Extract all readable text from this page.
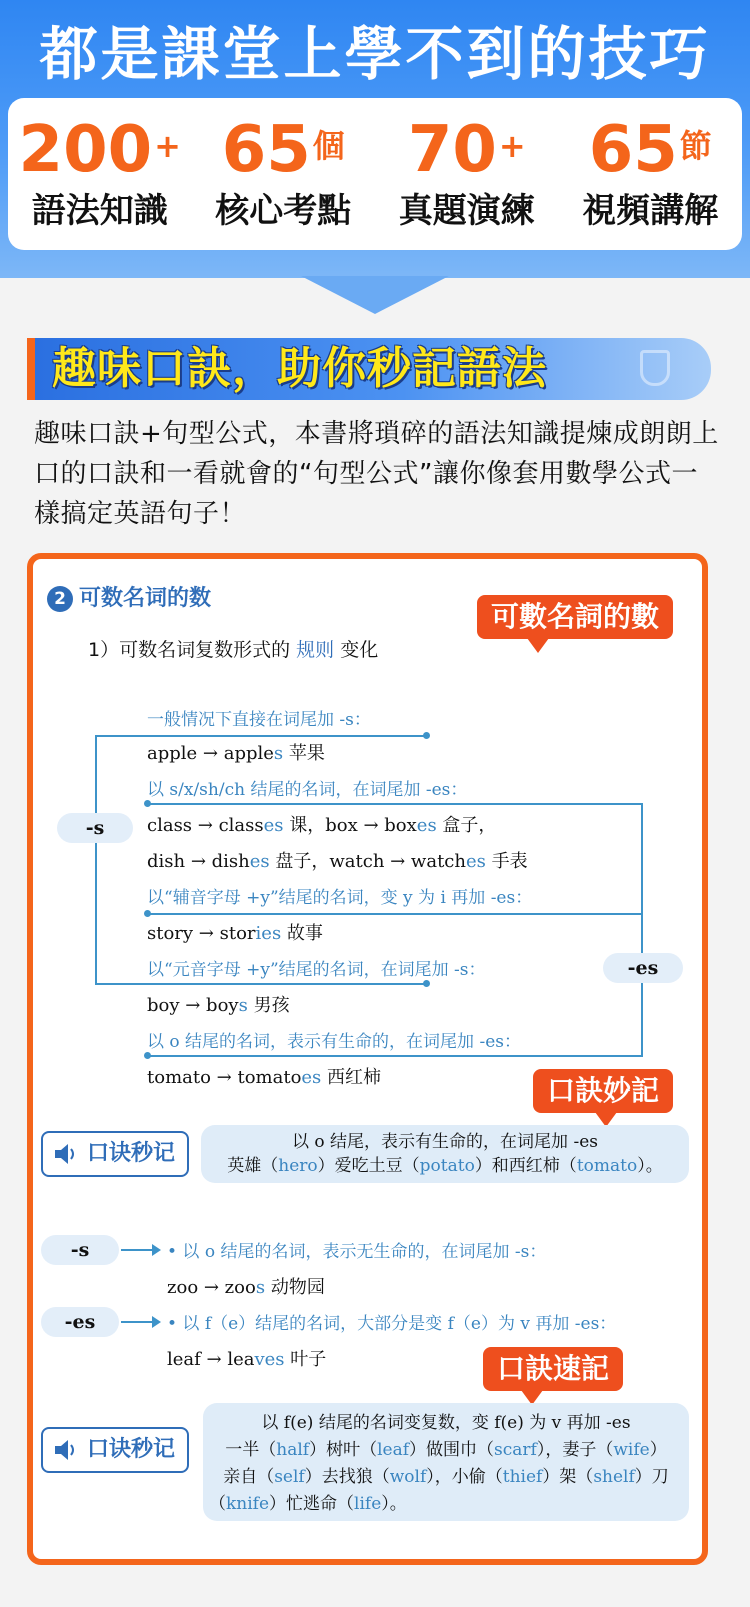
都是課堂上學不到的技巧
200+
語法知識
65個
核心考點
70+
真題演練
65節
視頻講解
趣味口訣，助你秒記語法
趣味口訣+句型公式，本書將瑣碎的語法知識提煉成朗朗上口的口訣和一看就會的“句型公式”讓你像套用數學公式一樣搞定英語句子！
2 可数名词的数
1）可数名词复数形式的 规则 变化
可數名詞的數
-s
-es
一般情况下直接在词尾加 -s：
apple → apples 苹果
以 s/x/sh/ch 结尾的名词，在词尾加 -es：
class → classes 课，box → boxes 盒子，
dish → dishes 盘子，watch → watches 手表
以“辅音字母 +y”结尾的名词，变 y 为 i 再加 -es：
story → stories 故事
以“元音字母 +y”结尾的名词，在词尾加 -s：
boy → boys 男孩
以 o 结尾的名词，表示有生命的，在词尾加 -es：
tomato → tomatoes 西红柿	口訣妙記
口诀秒记	以 o 结尾，表示有生命的，在词尾加 -es
英雄（hero）爱吃土豆（potato）和西红柿（tomato）。
-s	• 以 o 结尾的名词，表示无生命的，在词尾加 -s：
zoo → zoos 动物园
-es	• 以 f（e）结尾的名词，大部分是变 f（e）为 v 再加 -es：
leaf → leaves 叶子	口訣速記
口诀秒记
以 f(e) 结尾的名词变复数，变 f(e) 为 v 再加 -es
一半（half）树叶（leaf）做围巾（scarf），妻子（wife）
亲自（self）去找狼（wolf），小偷（thief）架（shelf）刀
（knife）忙逃命（life）。
